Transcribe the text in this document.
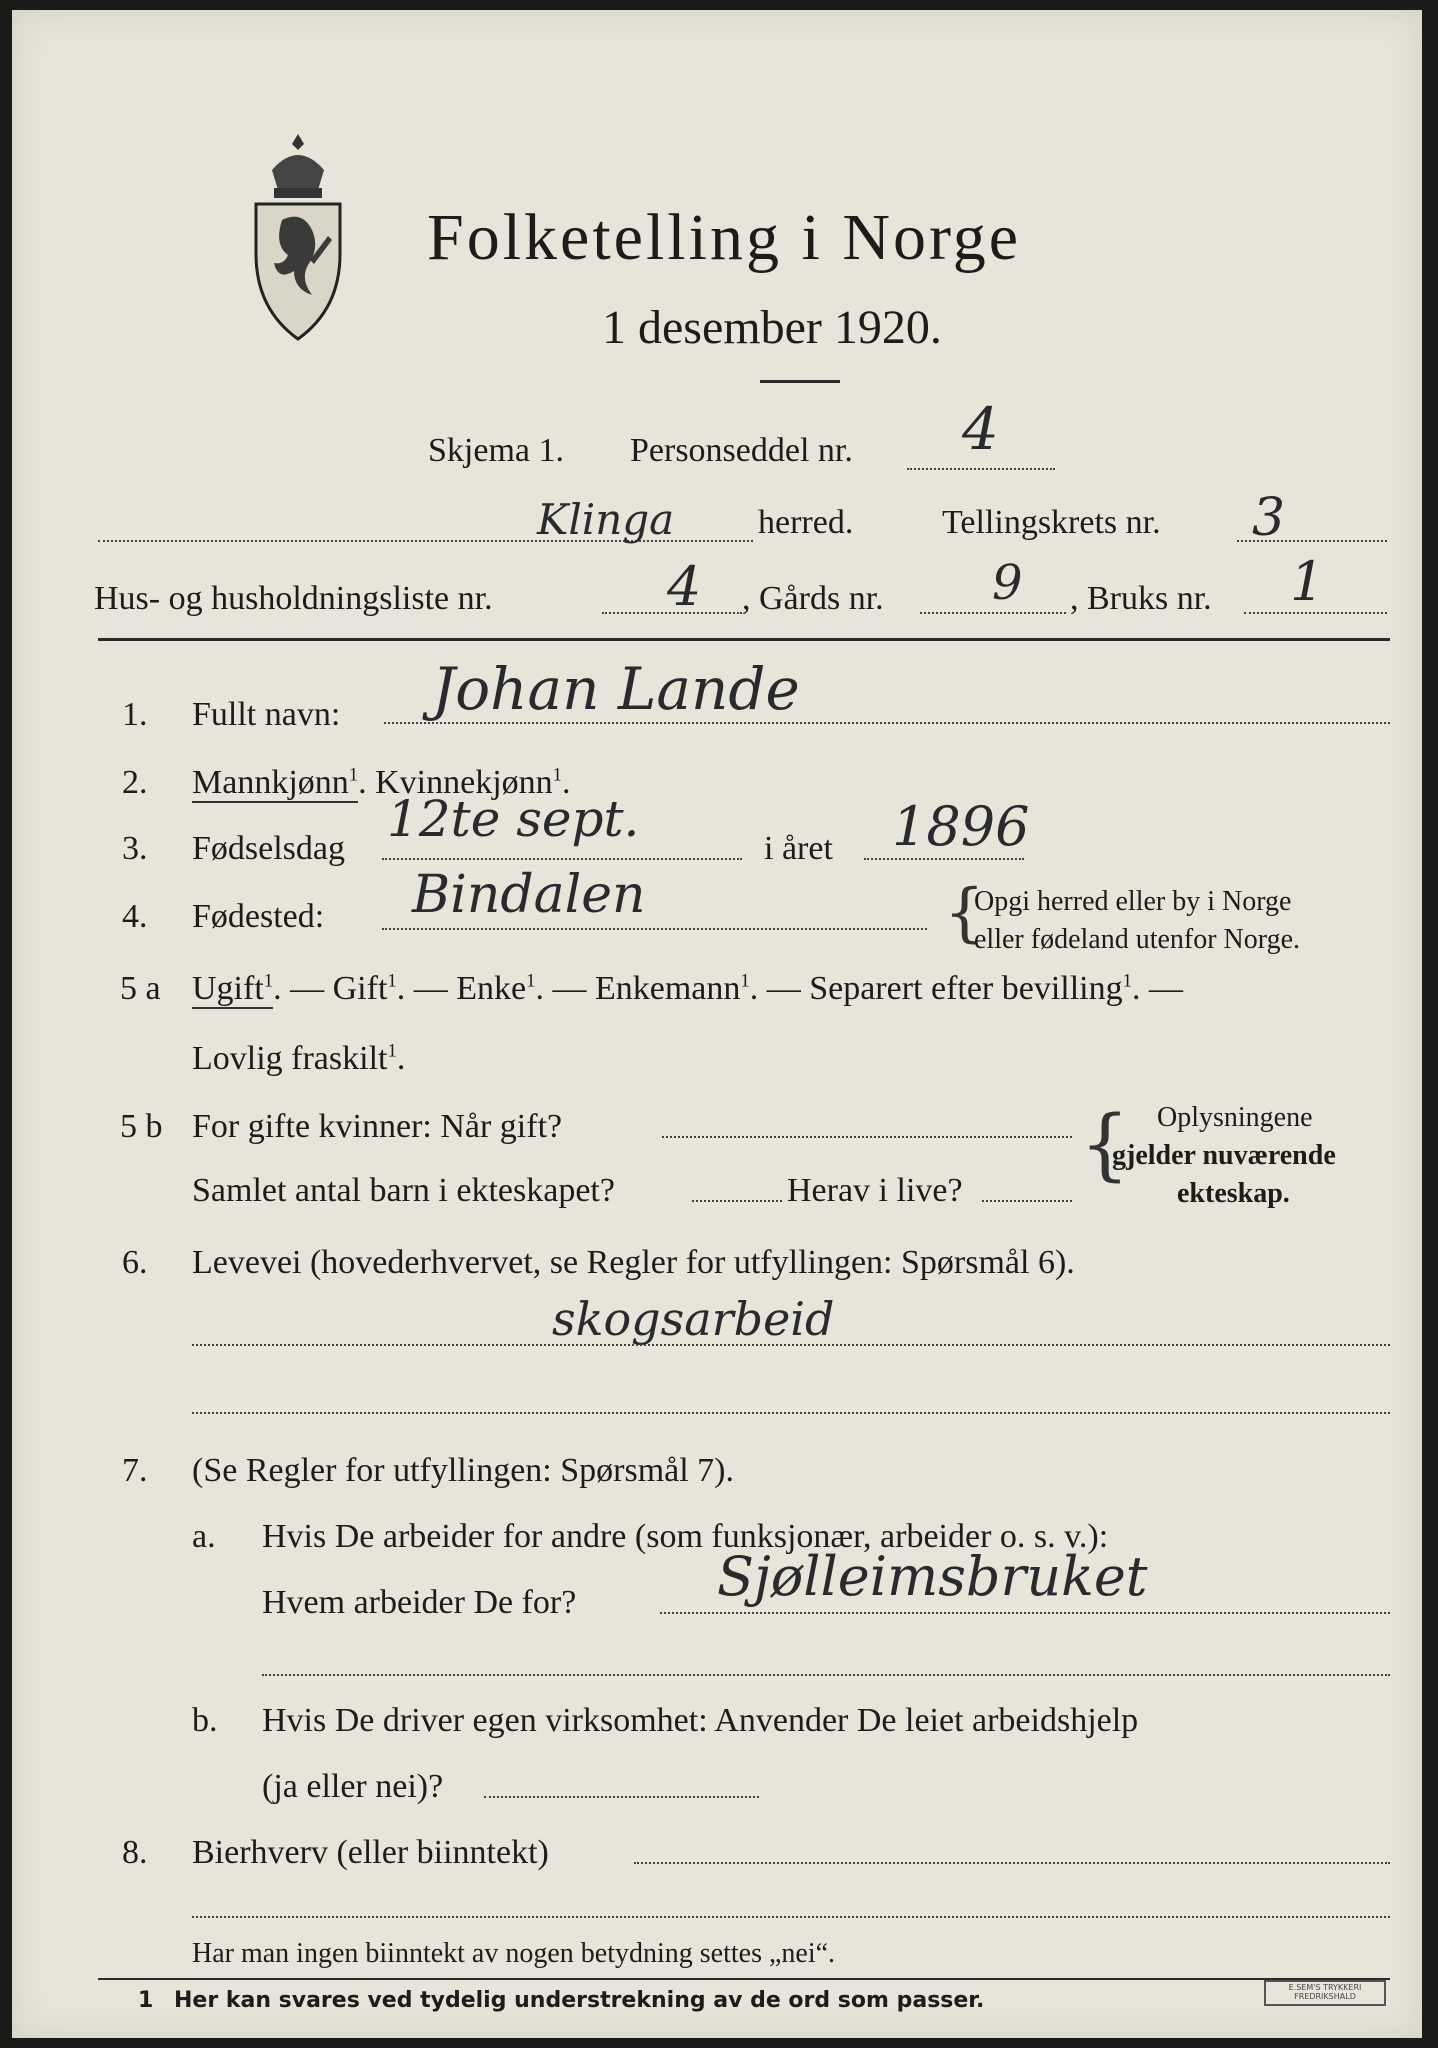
Folketelling i Norge
1 desember 1920.
Skjema 1. Personseddel nr. 4
Klinga herred.	Tellingskrets nr. 3
Hus- og husholdningsliste nr.	4 , Gårds nr. 9 , Bruks nr. 1
1. Fullt navn: Johan Lande
2. Mannkjønn$^1$. Kvinnekjønn$^1$.
3. Fødselsdag
12te sept.
i året 1896
4. Fødested: Bindalen	{
Opgi herred eller by i Norge
eller fødeland utenfor Norge.
5 a Ugift$^1$. — Gift$^1$. — Enke$^1$. — Enkemann$^1$. — Separert efter bevilling$^1$. —
Lovlig fraskilt$^1$.
5 b For gifte kvinner: Når gift?
Samlet antal barn i ekteskapet?	Herav i live?
{ Oplysningene
gjelder nuværende
ekteskap.
6. Levevei (hovederhvervet, se Regler for utfyllingen: Spørsmål 6).
skogsarbeid
7. (Se Regler for utfyllingen: Spørsmål 7).
a. Hvis De arbeider for andre (som funksjonær, arbeider o. s. v.):
Hvem arbeider De for?	Sjølleimsbruket
b. Hvis De driver egen virksomhet: Anvender De leiet arbeidshjelp
(ja eller nei)?
8. Bierhverv (eller biinntekt)
Har man ingen biinntekt av nogen betydning settes „nei“.
1 Her kan svares ved tydelig understrekning av de ord som passer.
E.SEM'S TRYKKERI
FREDRIKSHALD
